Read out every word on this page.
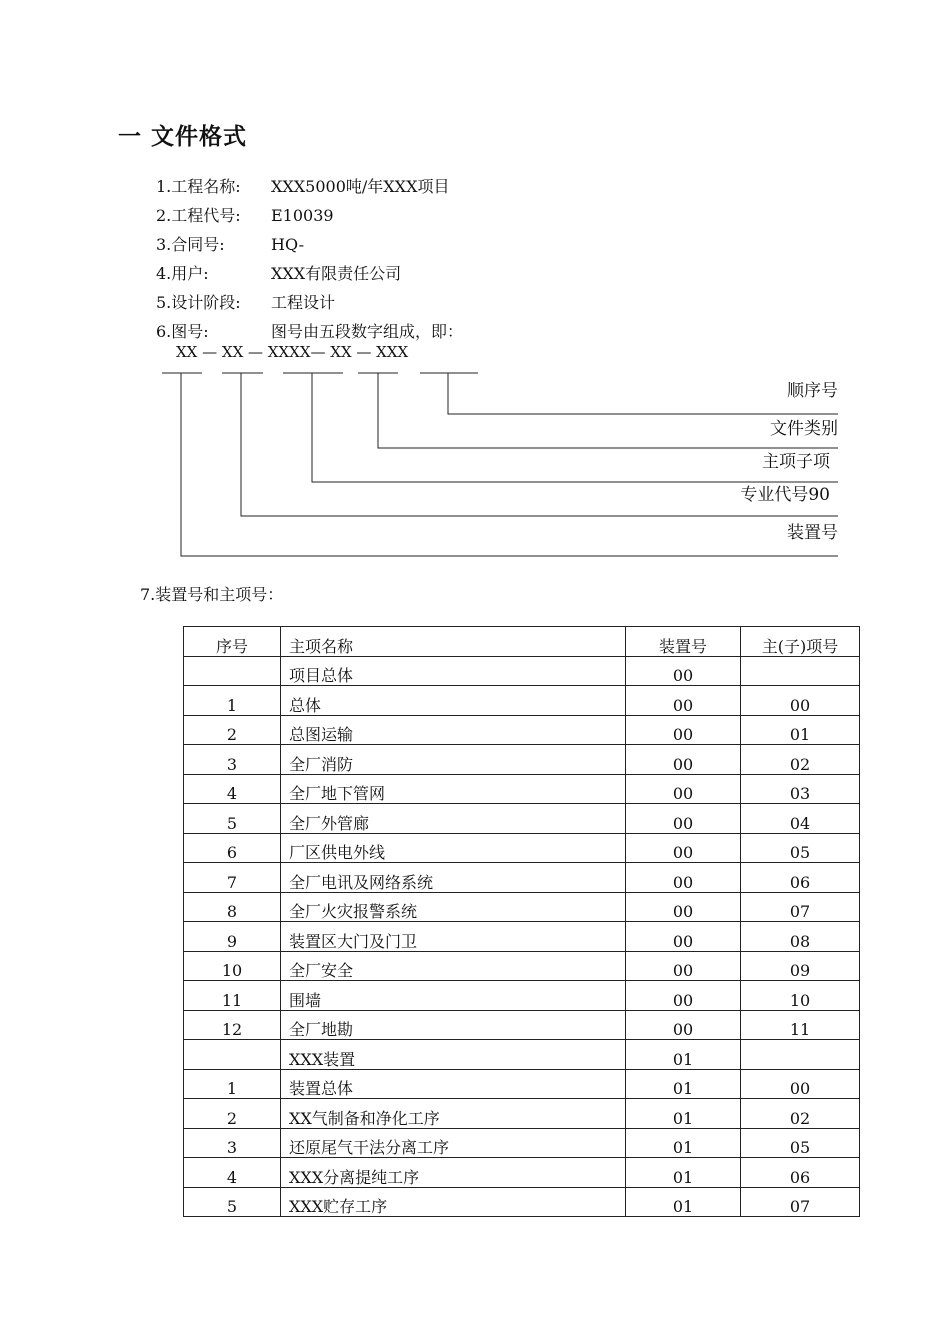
一 文件格式
1.工程名称: XXX5000吨/年XXX项目
2.工程代号: E10039
3.合同号:	HQ-
4.用户:	XXX有限责任公司
5.设计阶段: 工程设计
6.图号:	图号由五段数字组成，即：
XX — XX — XXXX— XX — XXX
顺序号
文件类别
主项子项
专业代号90
装置号
7.装置号和主项号：
序号	主项名称	装置号	主(子)项号
	项目总体	00	
1	总体	00	00
2	总图运输	00	01
3	全厂消防	00	02
4	全厂地下管网	00	03
5	全厂外管廊	00	04
6	厂区供电外线	00	05
7	全厂电讯及网络系统	00	06
8	全厂火灾报警系统	00	07
9	装置区大门及门卫	00	08
10	全厂安全	00	09
11	围墙	00	10
12	全厂地勘	00	11
	XXX装置	01	
1	装置总体	01	00
2	XX气制备和净化工序	01	02
3	还原尾气干法分离工序	01	05
4	XXX分离提纯工序	01	06
5	XXX贮存工序	01	07
